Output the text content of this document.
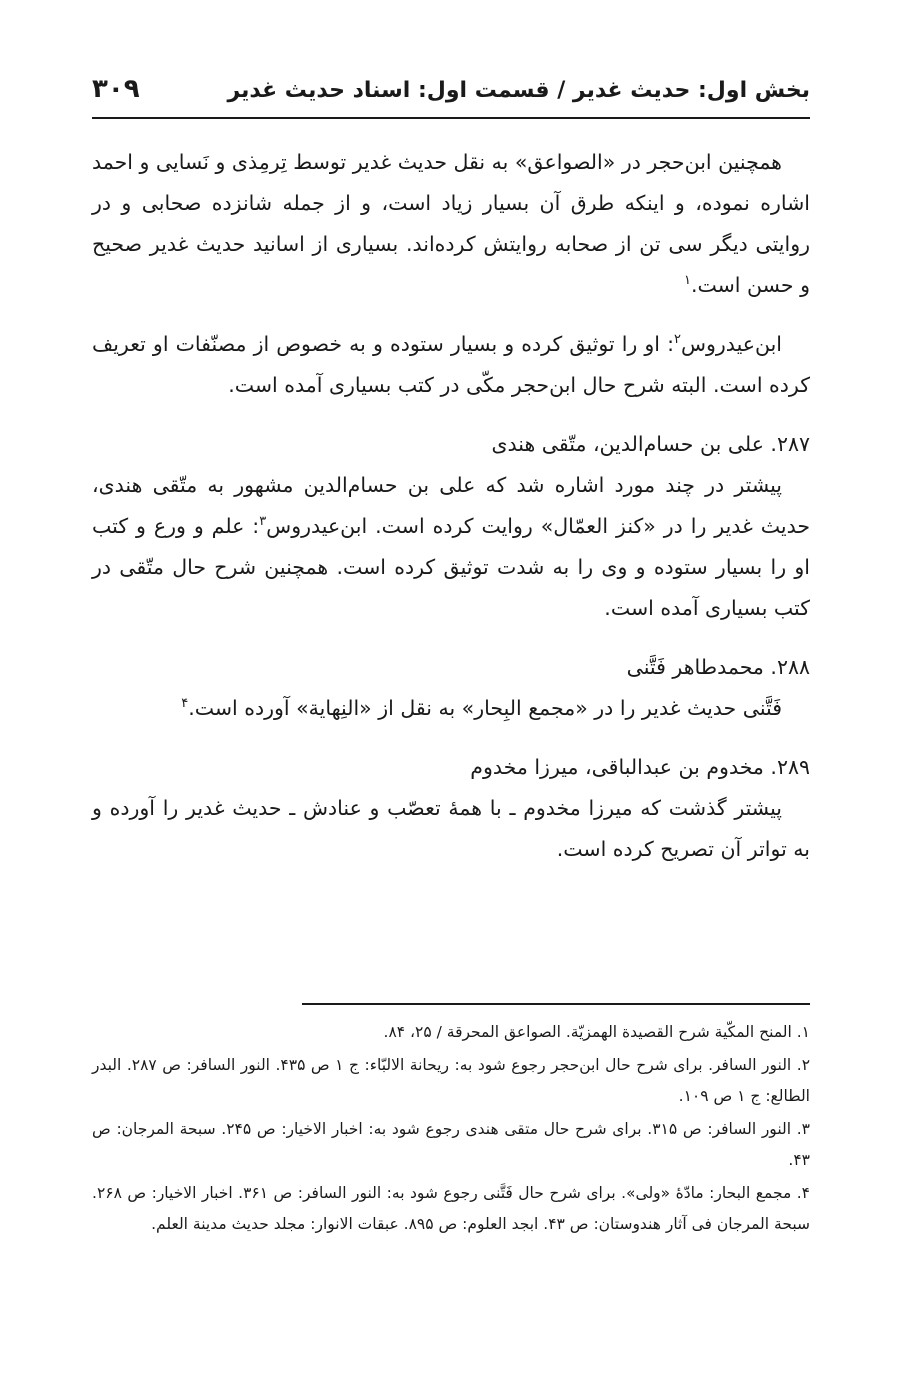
بخش اول: حدیث غدیر / قسمت اول: اسناد حدیث غدیر
۳۰۹

همچنین ابن‌حجر در «الصواعق» به نقل حدیث غدیر توسط تِرمِذی و نَسایی و احمد اشاره نموده، و اینکه طرق آن بسیار زیاد است، و از جمله شانزده صحابی و در روایتی دیگر سی تن از صحابه روایتش کرده‌اند. بسیاری از اسانید حدیث غدیر صحیح و حسن است.$^۱$

ابن‌عیدروس$^۲$: او را توثیق کرده و بسیار ستوده و به خصوص از مصنّفات او تعریف کرده است. البته شرح حال ابن‌حجر مکّی در کتب بسیاری آمده است.

۲۸۷. علی بن حسام‌الدین، متّقی هندی

پیشتر در چند مورد اشاره شد که علی بن حسام‌الدین مشهور به متّقی هندی، حدیث غدیر را در «کنز العمّال» روایت کرده است. ابن‌عیدروس$^۳$: علم و ورع و کتب او را بسیار ستوده و وی را به شدت توثیق کرده است. همچنین شرح حال متّقی در کتب بسیاری آمده است.

۲۸۸. محمدطاهر فَتَّنی

فَتَّنی حدیث غدیر را در «مجمع البِحار» به نقل از «النِهایة» آورده است.$^۴$

۲۸۹. مخدوم بن عبدالباقی، میرزا مخدوم

پیشتر گذشت که میرزا مخدوم ـ با همهٔ تعصّب و عنادش ـ حدیث غدیر را آورده و به تواتر آن تصریح کرده است.

۱. المنح المکّیة شرح القصیدة الهمزیّة. الصواعق المحرقة / ۲۵، ۸۴.

۲. النور السافر. برای شرح حال ابن‌حجر رجوع شود به: ریحانة الالبّاء: ج ۱ ص ۴۳۵. النور السافر: ص ۲۸۷. البدر الطالع: ج ۱ ص ۱۰۹.

۳. النور السافر: ص ۳۱۵. برای شرح حال متقی هندی رجوع شود به: اخبار الاخیار: ص ۲۴۵. سبحة المرجان: ص ۴۳.

۴. مجمع البحار: مادّهٔ «ولی». برای شرح حال فَتَّنی رجوع شود به: النور السافر: ص ۳۶۱. اخبار الاخیار: ص ۲۶۸. سبحة المرجان فی آثار هندوستان: ص ۴۳. ابجد العلوم: ص ۸۹۵. عبقات الانوار: مجلد حدیث مدینة العلم.
